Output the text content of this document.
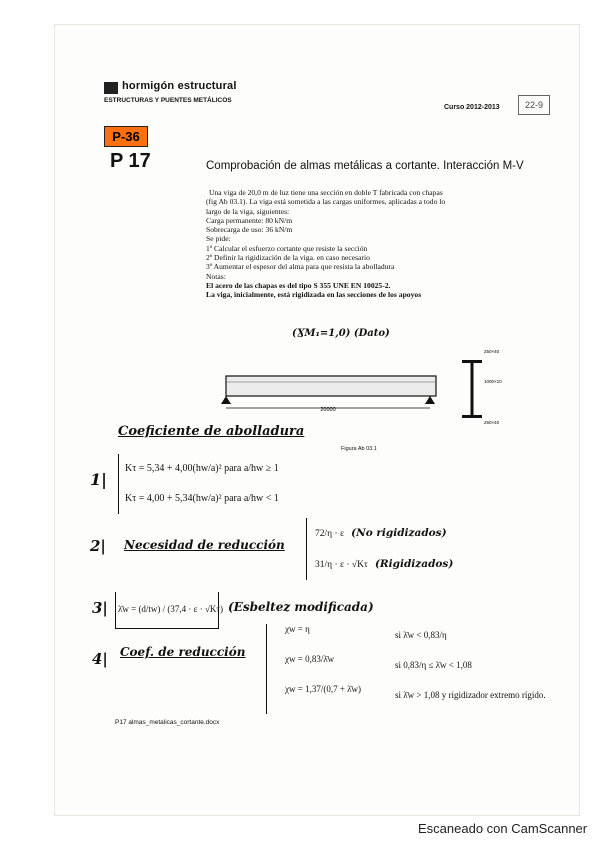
hormigón estructural
ESTRUCTURAS Y PUENTES METÁLICOS
Curso 2012-2013	22-9
P-36
P 17	Comprobación de almas metálicas a cortante. Interacción M-V
Una viga de 20,0 m de luz tiene una sección en doble T fabricada con chapas
(fig Ab 03.1). La viga está sometida a las cargas uniformes, aplicadas a todo lo
largo de la viga, siguientes:
Carga permanente: 80 kN/m
Sobrecarga de uso: 36 kN/m
Se pide:
1º Calcular el esfuerzo cortante que resiste la sección
2º Definir la rigidización de la viga. en caso necesario
3º Aumentar el espesor del alma para que resista la abolladura
Notas:
El acero de las chapas es del tipo S 355 UNE EN 10025-2.
La viga, inicialmente, está rigidizada en las secciones de los apoyos
(ƔM₁=1,0) (Dato)
20000
250×40
1000×10
250×40
Figura Ab 03.1
Coeficiente de abolladura
1|
Kτ = 5,34 + 4,00(hw/a)² para a/hw ≥ 1
Kτ = 4,00 + 5,34(hw/a)² para a/hw < 1
2| Necesidad de reducción
72/η · ε (No rigidizados)
31/η · ε · √Kτ (Rigidizados)
3| λ̄w = (d/tw) / (37,4 · ε · √Kτ) (Esbeltez modificada)
4| Coef. de reducción
χw = η
si λ̄w < 0,83/η
χw = 0,83/λ̄w
si 0,83/η ≤ λ̄w < 1,08
χw = 1,37/(0,7 + λ̄w)
si λ̄w > 1,08 y rigidizador extremo rígido.
P17 almas_metalicas_cortante.docx
Escaneado con CamScanner
